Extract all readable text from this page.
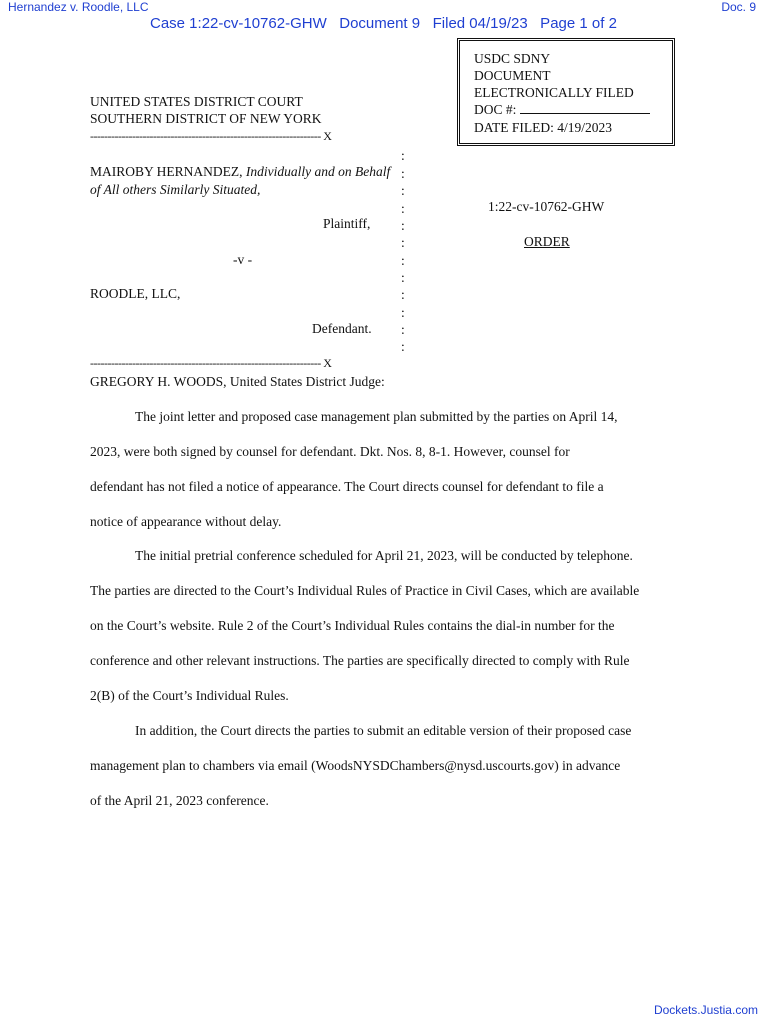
Hernandez v. Roodle, LLC	Doc. 9
Case 1:22-cv-10762-GHW   Document 9   Filed 04/19/23   Page 1 of 2
USDC SDNY
DOCUMENT
ELECTRONICALLY FILED
DOC #:
DATE FILED: 4/19/2023
UNITED STATES DISTRICT COURT
SOUTHERN DISTRICT OF NEW YORK
------------------------------------------------------------------ X
------------------------------------------------------------------ X
:
:
:
:
:
:
:
:
:
:
:
:
MAIROBY HERNANDEZ, Individually and on Behalf
of All others Similarly Situated,
Plaintiff,
-v -
ROODLE, LLC,
Defendant.
1:22-cv-10762-GHW
ORDER
GREGORY H. WOODS, United States District Judge:
The joint letter and proposed case management plan submitted by the parties on April 14,
2023, were both signed by counsel for defendant. Dkt. Nos. 8, 8-1. However, counsel for
defendant has not filed a notice of appearance. The Court directs counsel for defendant to file a
notice of appearance without delay.
The initial pretrial conference scheduled for April 21, 2023, will be conducted by telephone.
The parties are directed to the Court’s Individual Rules of Practice in Civil Cases, which are available
on the Court’s website. Rule 2 of the Court’s Individual Rules contains the dial-in number for the
conference and other relevant instructions. The parties are specifically directed to comply with Rule
2(B) of the Court’s Individual Rules.
In addition, the Court directs the parties to submit an editable version of their proposed case
management plan to chambers via email (WoodsNYSDChambers@nysd.uscourts.gov) in advance
of the April 21, 2023 conference.
Dockets.Justia.com
